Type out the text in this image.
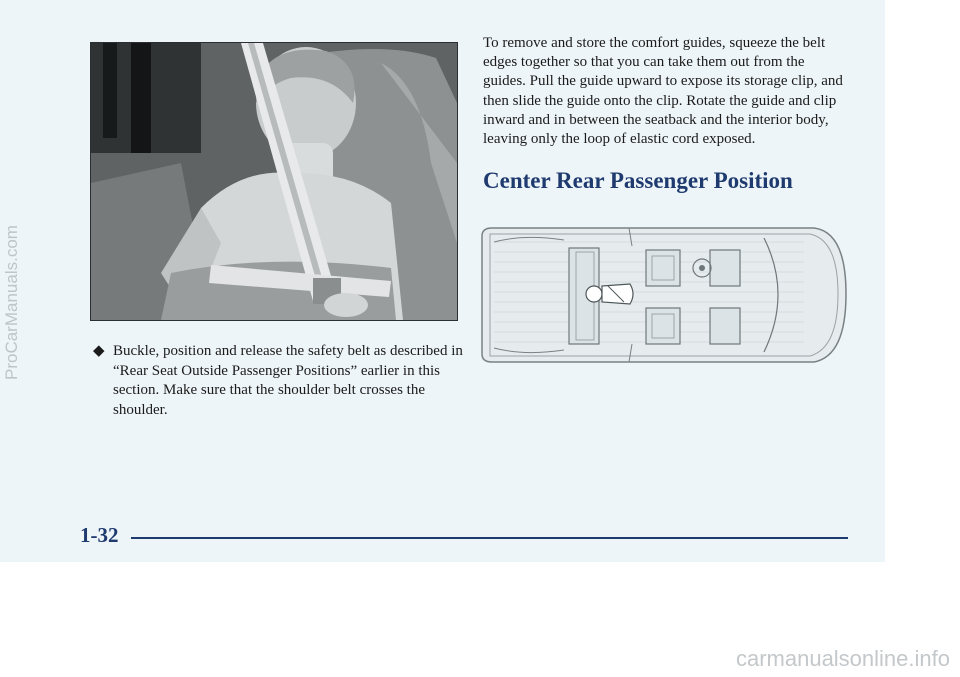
◆ Buckle, position and release the safety belt as described in “Rear Seat Outside Passenger Positions” earlier in this section. Make sure that the shoulder belt crosses the shoulder.
To remove and store the comfort guides, squeeze the belt edges together so that you can take them out from the guides. Pull the guide upward to expose its storage clip, and then slide the guide onto the clip. Rotate the guide and clip inward and in between the seatback and the interior body, leaving only the loop of elastic cord exposed.
Center Rear Passenger Position
1-32
ProCarManuals.com
carmanualsonline.info
